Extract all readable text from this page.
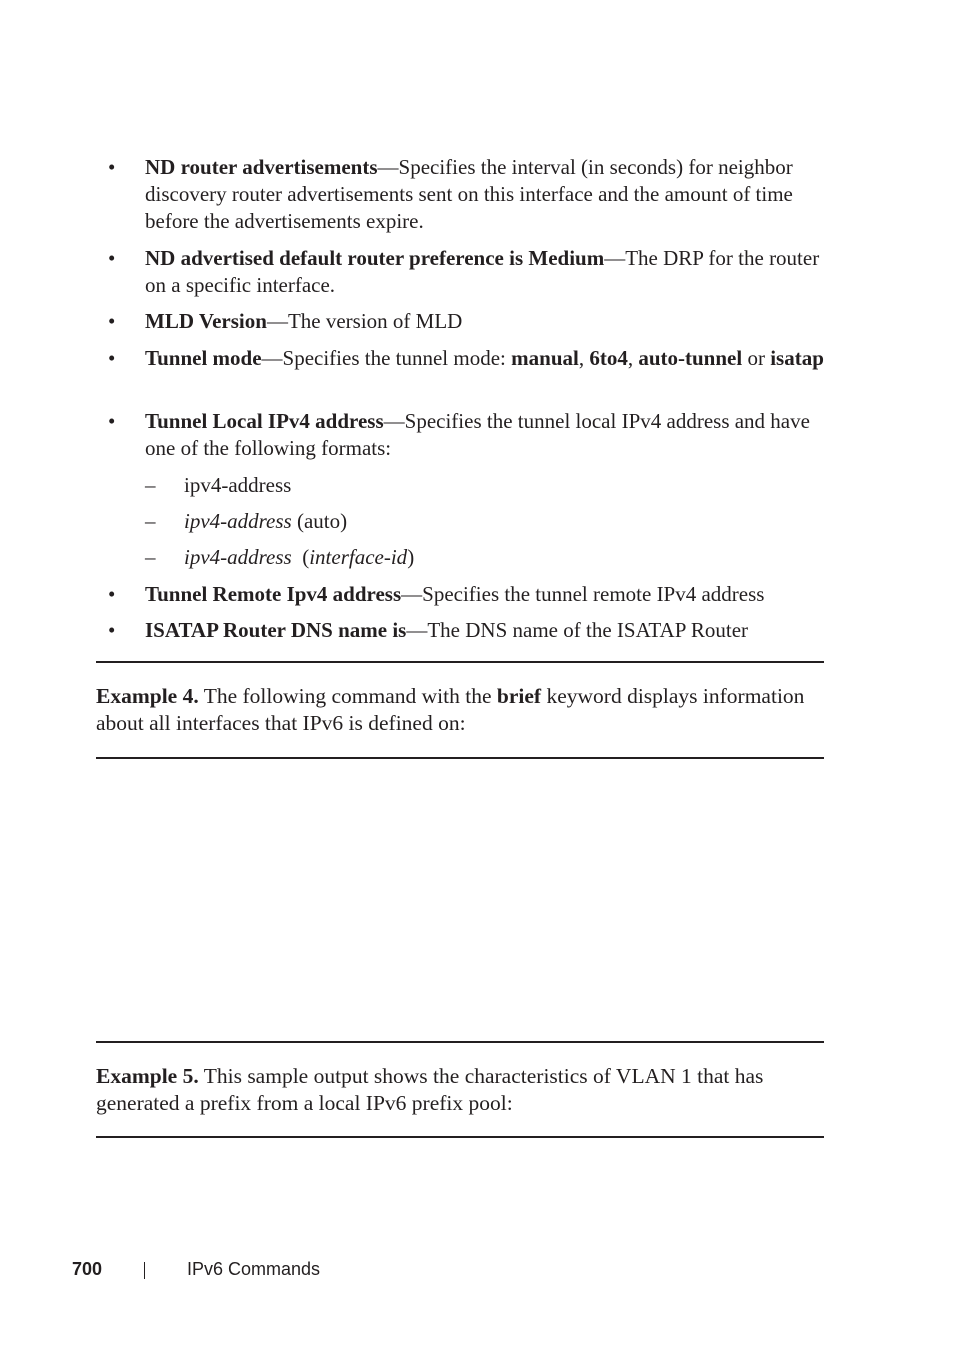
• ND router advertisements—Specifies the interval (in seconds) for neighbor discovery router advertisements sent on this interface and the amount of time before the advertisements expire.
• ND advertised default router preference is Medium—The DRP for the router on a specific interface.
• MLD Version—The version of MLD
• Tunnel mode—Specifies the tunnel mode: manual, 6to4, auto-tunnel or isatap
• Tunnel Local IPv4 address—Specifies the tunnel local IPv4 address and have one of the following formats:
– ipv4-address
– ipv4-address (auto)
– ipv4-address  (interface-id)
• Tunnel Remote Ipv4 address—Specifies the tunnel remote IPv4 address
• ISATAP Router DNS name is—The DNS name of the ISATAP Router
Example 4. The following command with the brief keyword displays information about all interfaces that IPv6 is defined on:
Example 5. This sample output shows the characteristics of VLAN 1 that has generated a prefix from a local IPv6 prefix pool:
700	IPv6 Commands
